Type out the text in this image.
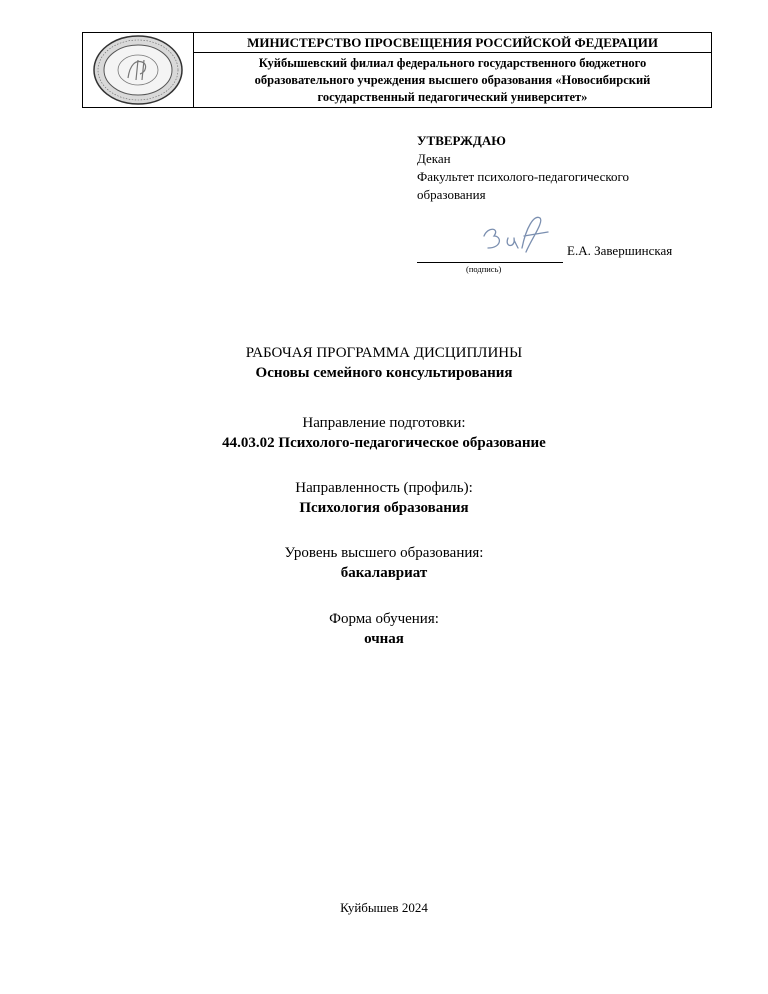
МИНИСТЕРСТВО ПРОСВЕЩЕНИЯ РОССИЙСКОЙ ФЕДЕРАЦИИ
Куйбышевский филиал федерального государственного бюджетного
образовательного учреждения высшего образования «Новосибирский
государственный педагогический университет»
УТВЕРЖДАЮ
Декан
Факультет психолого-педагогического
образования
Е.А. Завершинская
(подпись)
РАБОЧАЯ ПРОГРАММА ДИСЦИПЛИНЫ
Основы семейного консультирования
Направление подготовки:
44.03.02 Психолого-педагогическое образование
Направленность (профиль):
Психология образования
Уровень высшего образования:
бакалавриат
Форма обучения:
очная
Куйбышев 2024
